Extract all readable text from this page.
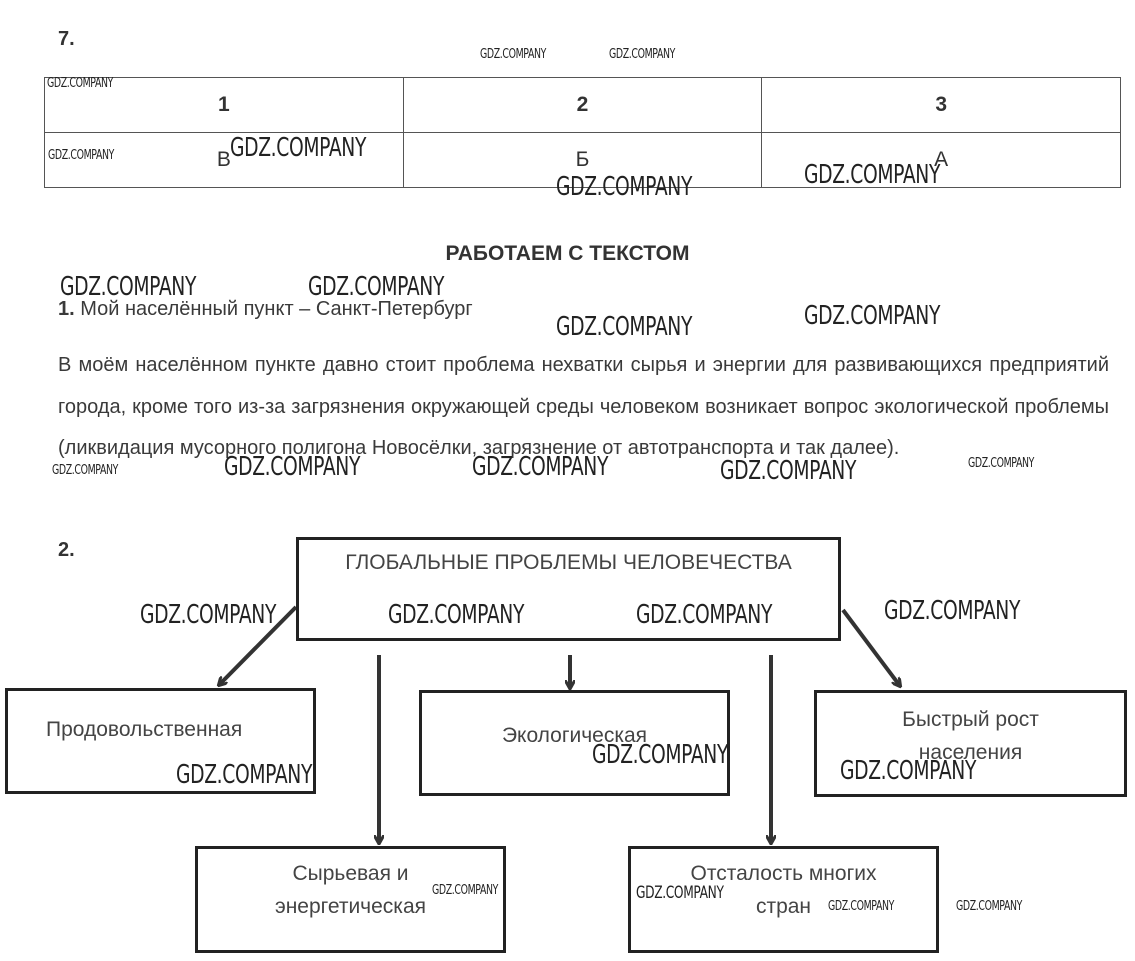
7.
1	2	3
В	Б	А
РАБОТАЕМ С ТЕКСТОМ
1. Мой населённый пункт – Санкт-Петербург
В моём населённом пункте давно стоит проблема нехватки сырья и энергии для развивающихся предприятий города, кроме того из-за загрязнения окружающей среды человеком возникает вопрос экологической проблемы (ликвидация мусорного полигона Новосёлки, загрязнение от автотранспорта и так далее).
2.
ГЛОБАЛЬНЫЕ ПРОБЛЕМЫ ЧЕЛОВЕЧЕСТВА
Продовольственная	Экологическая
Быстрый рост населения
Сырьевая и энергетическая
Отсталость многих стран
GDZ.COMPANY	GDZ.COMPANY
GDZ.COMPANY
GDZ.COMPANY	GDZ.COMPANY
GDZ.COMPANY	GDZ.COMPANY
GDZ.COMPANY	GDZ.COMPANY
GDZ.COMPANY	GDZ.COMPANY
GDZ.COMPANY	GDZ.COMPANY	GDZ.COMPANY	GDZ.COMPANY	GDZ.COMPANY
GDZ.COMPANY	GDZ.COMPANY	GDZ.COMPANY	GDZ.COMPANY
GDZ.COMPANY
GDZ.COMPANY	GDZ.COMPANY
GDZ.COMPANY	GDZ.COMPANY
GDZ.COMPANY	GDZ.COMPANY
